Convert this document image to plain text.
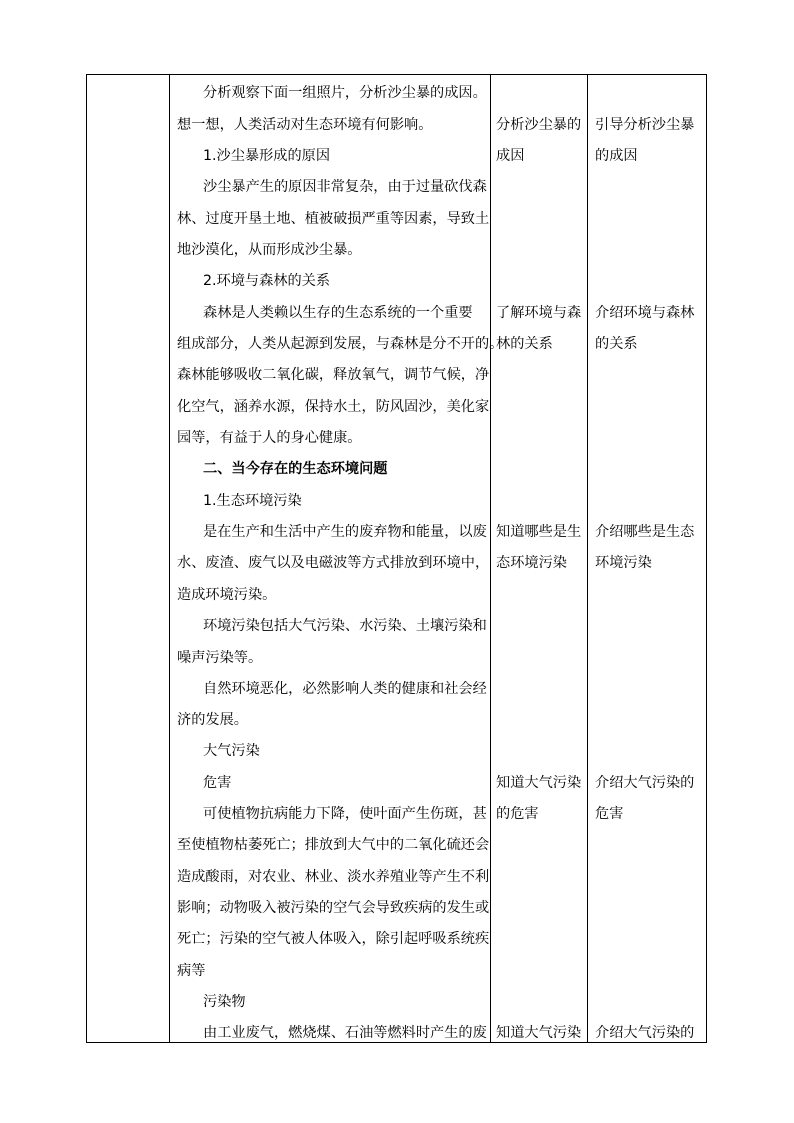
分析观察下面一组照片，分析沙尘暴的成因。
想一想，人类活动对生态环境有何影响。
1.沙尘暴形成的原因
沙尘暴产生的原因非常复杂，由于过量砍伐森
林、过度开垦土地、植被破损严重等因素，导致土
地沙漠化，从而形成沙尘暴。
2.环境与森林的关系
森林是人类赖以生存的生态系统的一个重要
组成部分，人类从起源到发展，与森林是分不开的。
森林能够吸收二氧化碳，释放氧气，调节气候，净
化空气，涵养水源，保持水土，防风固沙，美化家
园等，有益于人的身心健康。
二、当今存在的生态环境问题
1.生态环境污染
是在生产和生活中产生的废弃物和能量，以废
水、废渣、废气以及电磁波等方式排放到环境中，
造成环境污染。
环境污染包括大气污染、水污染、土壤污染和
噪声污染等。
自然环境恶化，必然影响人类的健康和社会经
济的发展。
大气污染
危害
可使植物抗病能力下降，使叶面产生伤斑，甚
至使植物枯萎死亡；排放到大气中的二氧化硫还会
造成酸雨，对农业、林业、淡水养殖业等产生不利
影响；动物吸入被污染的空气会导致疾病的发生或
死亡；污染的空气被人体吸入，除引起呼吸系统疾
病等
污染物
由工业废气，燃烧煤、石油等燃料时产生的废
分析沙尘暴的
成因
了解环境与森
林的关系
知道哪些是生
态环境污染
知道大气污染
的危害
知道大气污染
引导分析沙尘暴
的成因
介绍环境与森林
的关系
介绍哪些是生态
环境污染
介绍大气污染的
危害
介绍大气污染的
